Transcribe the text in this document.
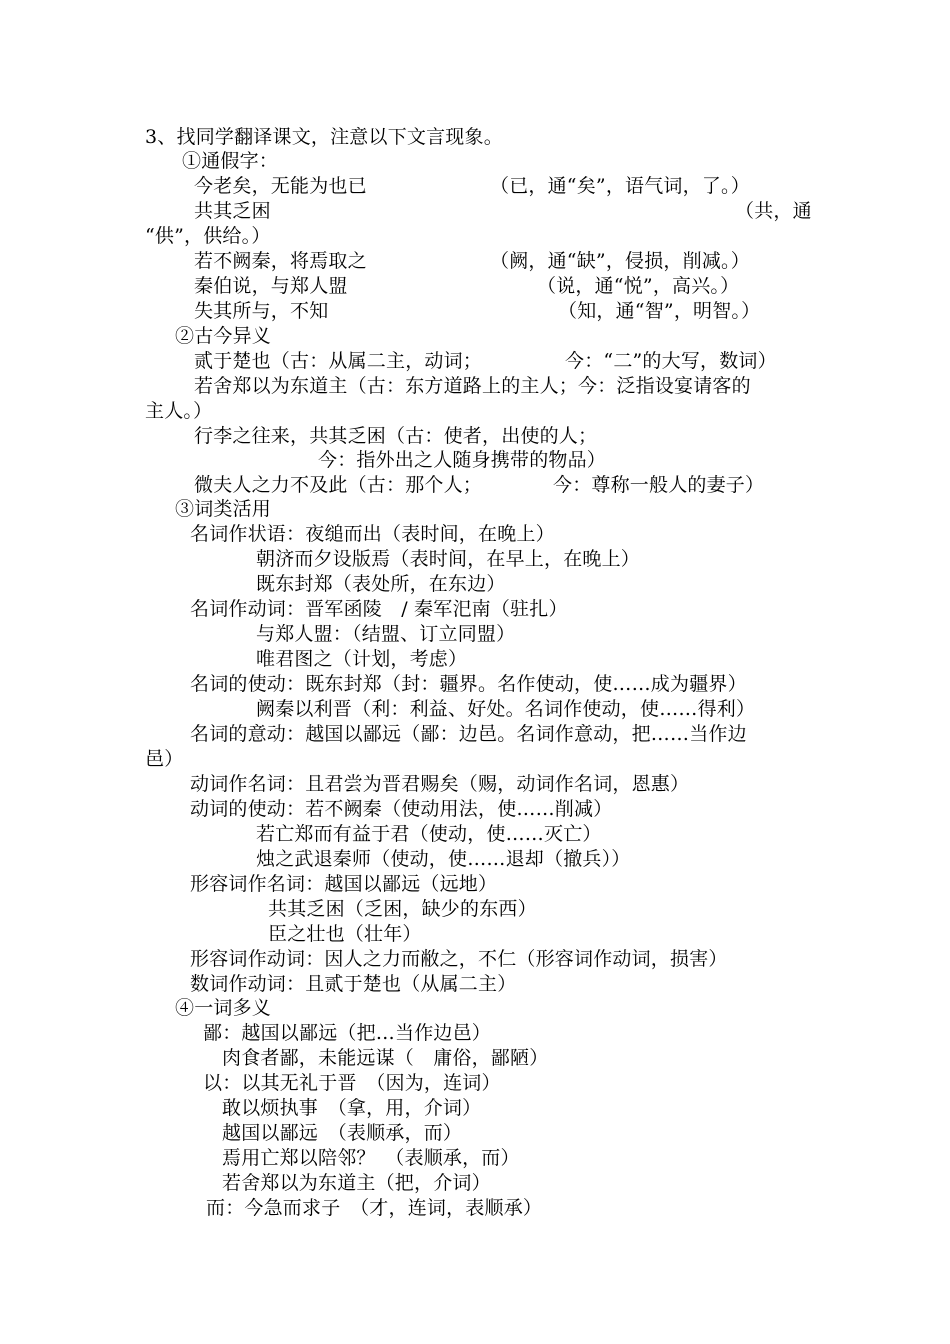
3、找同学翻译课文，注意以下文言现象。
①通假字：
今老矣，无能为也已	（已，通“矣”，语气词，了。）
共其乏困	（共，通
“供”，供给。）
若不阙秦，将焉取之	（阙，通“缺”，侵损，削减。）
秦伯说，与郑人盟	（说，通“悦”，高兴。）
失其所与，不知	（知，通“智”，明智。）
②古今异义
贰于楚也（古：从属二主，动词；	今：“二”的大写，数词）
若舍郑以为东道主（古：东方道路上的主人；今：泛指设宴请客的
主人。）
行李之往来，共其乏困（古：使者，出使的人；
今：指外出之人随身携带的物品）
微夫人之力不及此（古：那个人；	今：尊称一般人的妻子）
③词类活用
名词作状语：夜缒而出（表时间，在晚上）
朝济而夕设版焉（表时间，在早上，在晚上）
既东封郑（表处所，在东边）
名词作动词：晋军函陵　/ 秦军汜南（驻扎）
与郑人盟：（结盟、订立同盟）
唯君图之（计划，考虑）
名词的使动：既东封郑（封：疆界。名作使动，使……成为疆界）
阙秦以利晋（利：利益、好处。名词作使动，使……得利）
名词的意动：越国以鄙远（鄙：边邑。名词作意动，把……当作边
邑）
动词作名词：且君尝为晋君赐矣（赐，动词作名词，恩惠）
动词的使动：若不阙秦（使动用法，使……削减）
若亡郑而有益于君（使动，使……灭亡）
烛之武退秦师（使动，使……退却（撤兵））
形容词作名词：越国以鄙远（远地）
共其乏困（乏困，缺少的东西）
臣之壮也（壮年）
形容词作动词：因人之力而敝之，不仁（形容词作动词，损害）
数词作动词：且贰于楚也（从属二主）
④一词多义
鄙：越国以鄙远（把…当作边邑）
肉食者鄙，未能远谋（　庸俗，鄙陋）
以：以其无礼于晋　（因为，连词）
敢以烦执事　（拿，用，介词）
越国以鄙远　（表顺承，而）
焉用亡郑以陪邻？　（表顺承，而）
若舍郑以为东道主（把，介词）
而：今急而求子　（才，连词，表顺承）
